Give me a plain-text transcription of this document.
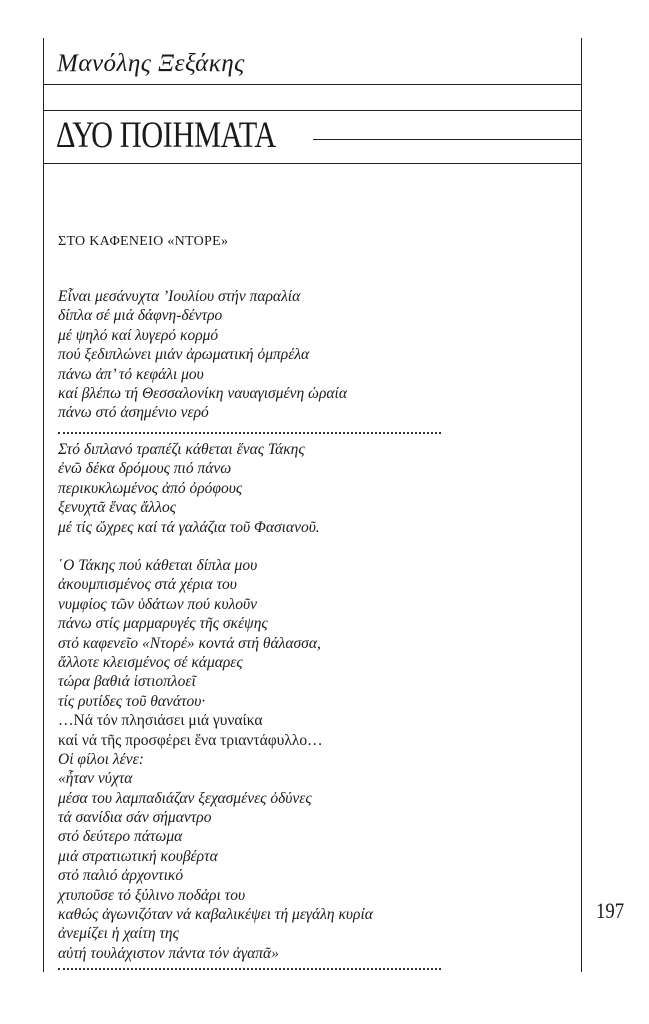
Μανόλης Ξεξάκης
ΔΥΟ ΠΟΙΗΜΑΤΑ
ΣΤΟ ΚΑΦΕΝΕΙΟ «ΝΤΟΡΕ»
Εἶναι μεσάνυχτα ’Ιουλίου στήν παραλία
δίπλα σέ μιά δάφνη-δέντρο
μέ ψηλό καί λυγερό κορμό
πού ξεδιπλώνει μιάν ἀρωματική ὀμπρέλα
πάνω ἀπ’ τό κεφάλι μου
καί βλέπω τή Θεσσαλονίκη ναυαγισμένη ὡραία
πάνω στό ἀσημένιο νερό
Στό διπλανό τραπέζι κάθεται ἕνας Τάκης
ἐνῶ δέκα δρόμους πιό πάνω
περικυκλωμένος ἀπό ὀρόφους
ξενυχτᾶ ἕνας ἄλλος
μέ τίς ὤχρες καί τά γαλάζια τοῦ Φασιανοῦ.
῾Ο Τάκης πού κάθεται δίπλα μου
ἀκουμπισμένος στά χέρια του
νυμφίος τῶν ὑδάτων πού κυλοῦν
πάνω στίς μαρμαρυγές τῆς σκέψης
στό καφενεῖο «Ντορέ» κοντά στή θάλασσα,
ἄλλοτε κλεισμένος σέ κάμαρες
τώρα βαθιά ἱστιοπλοεῖ
τίς ρυτίδες τοῦ θανάτου·
…Νά τόν πλησιάσει μιά γυναίκα
καί νά τῆς προσφέρει ἕνα τριαντάφυλλο…
Οἱ φίλοι λένε:
«ἦταν νύχτα
μέσα του λαμπαδιάζαν ξεχασμένες ὀδύνες
τά σανίδια σάν σήμαντρο
στό δεύτερο πάτωμα
μιά στρατιωτική κουβέρτα
στό παλιό ἀρχοντικό
χτυποῦσε τό ξύλινο ποδάρι του
καθώς ἀγωνιζόταν νά καβαλικέψει τή μεγάλη κυρία
ἀνεμίζει ἡ χαίτη της
αὐτή τουλάχιστον πάντα τόν ἀγαπᾶ»
197
